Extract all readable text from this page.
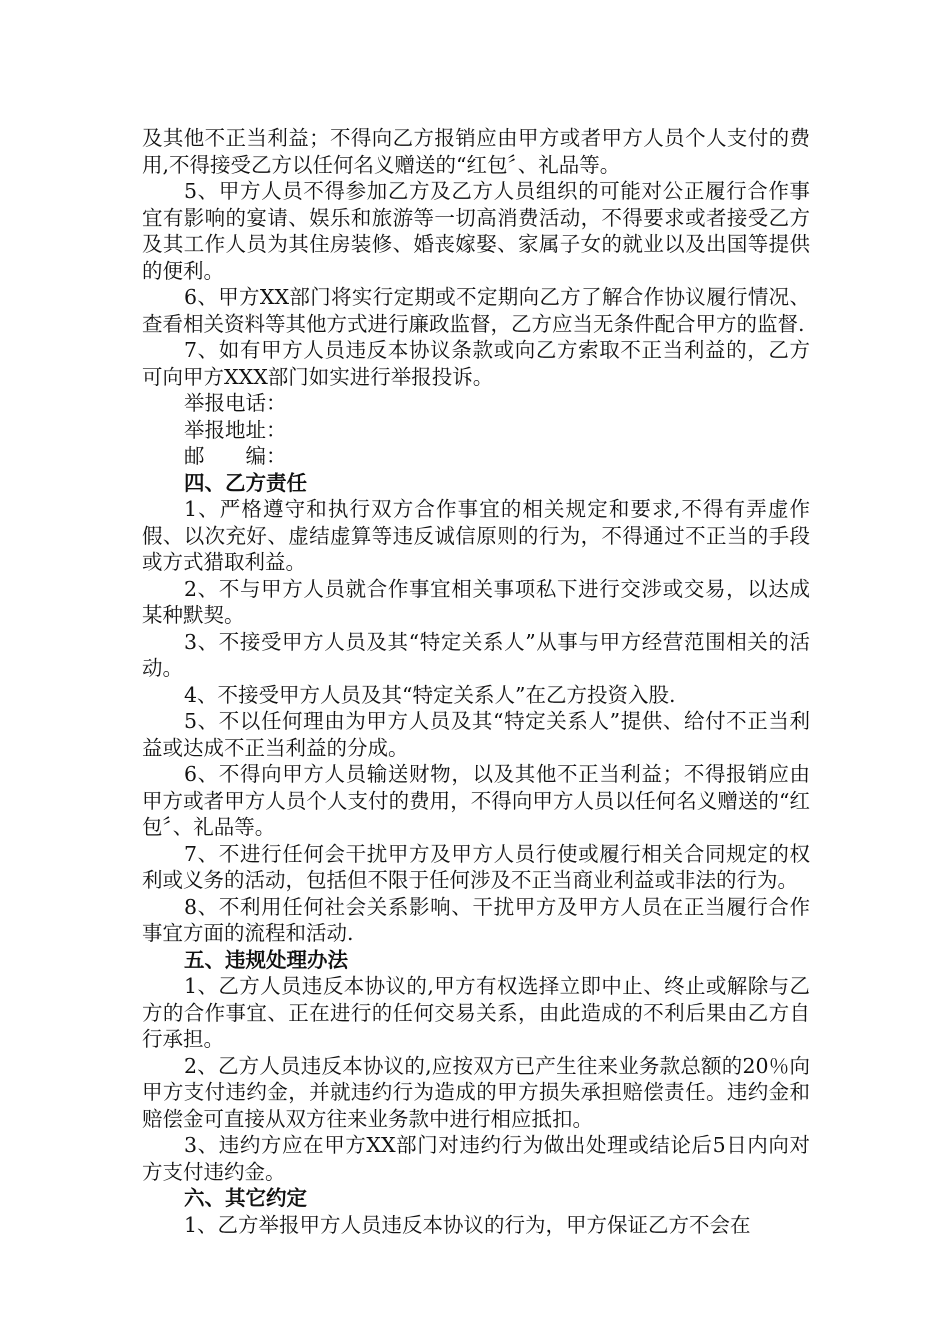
及其他不正当利益；不得向乙方报销应由甲方或者甲方人员个人支付的费用,不得接受乙方以任何名义赠送的“红包〞、礼品等。

5、甲方人员不得参加乙方及乙方人员组织的可能对公正履行合作事宜有影响的宴请、娱乐和旅游等一切高消费活动，不得要求或者接受乙方及其工作人员为其住房装修、婚丧嫁娶、家属子女的就业以及出国等提供的便利。

6、甲方XX部门将实行定期或不定期向乙方了解合作协议履行情况、查看相关资料等其他方式进行廉政监督，乙方应当无条件配合甲方的监督.

7、如有甲方人员违反本协议条款或向乙方索取不正当利益的，乙方可向甲方XXX部门如实进行举报投诉。

举报电话：

举报地址：

邮　　编：

四、乙方责任

1、严格遵守和执行双方合作事宜的相关规定和要求,不得有弄虚作假、以次充好、虚结虚算等违反诚信原则的行为，不得通过不正当的手段或方式猎取利益。

2、不与甲方人员就合作事宜相关事项私下进行交涉或交易，以达成某种默契。

3、不接受甲方人员及其“特定关系人”从事与甲方经营范围相关的活动。

4、不接受甲方人员及其“特定关系人”在乙方投资入股.

5、不以任何理由为甲方人员及其“特定关系人”提供、给付不正当利益或达成不正当利益的分成。

6、不得向甲方人员输送财物，以及其他不正当利益；不得报销应由甲方或者甲方人员个人支付的费用，不得向甲方人员以任何名义赠送的“红包〞、礼品等。

7、不进行任何会干扰甲方及甲方人员行使或履行相关合同规定的权利或义务的活动，包括但不限于任何涉及不正当商业利益或非法的行为。

8、不利用任何社会关系影响、干扰甲方及甲方人员在正当履行合作事宜方面的流程和活动.

五、违规处理办法

1、乙方人员违反本协议的,甲方有权选择立即中止、终止或解除与乙方的合作事宜、正在进行的任何交易关系，由此造成的不利后果由乙方自行承担。

2、乙方人员违反本协议的,应按双方已产生往来业务款总额的20％向甲方支付违约金，并就违约行为造成的甲方损失承担赔偿责任。违约金和赔偿金可直接从双方往来业务款中进行相应抵扣。

3、违约方应在甲方XX部门对违约行为做出处理或结论后5日内向对方支付违约金。

六、其它约定

1、乙方举报甲方人员违反本协议的行为，甲方保证乙方不会在
